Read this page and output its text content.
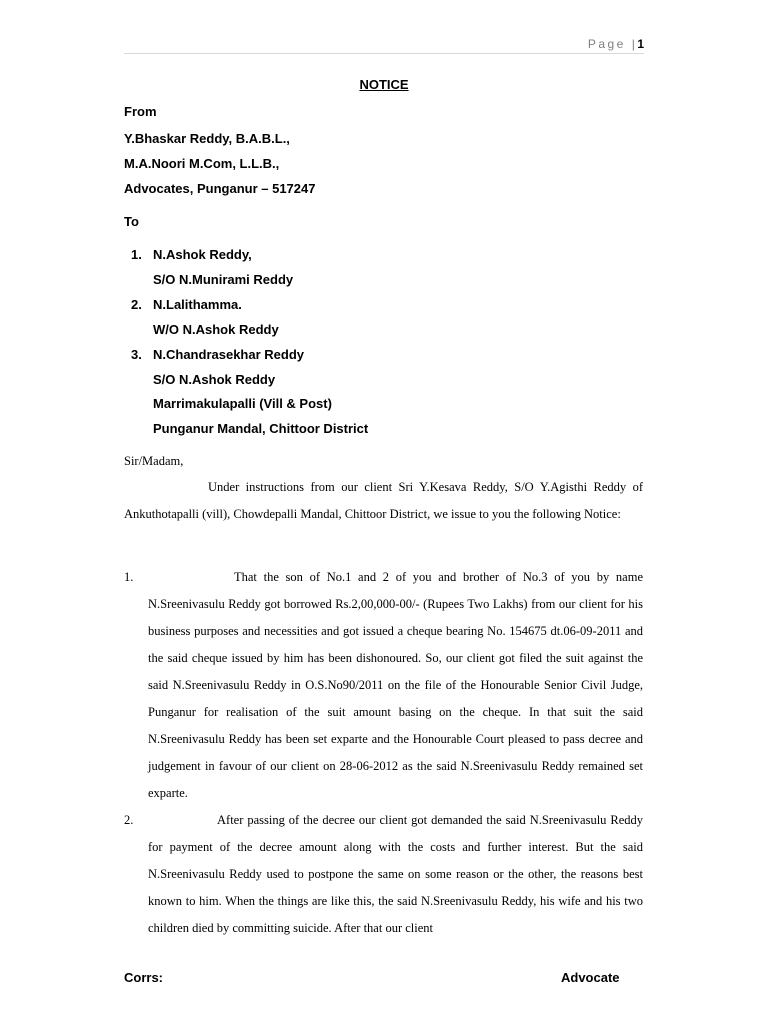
Page |1
NOTICE
From
Y.Bhaskar Reddy, B.A.B.L.,
M.A.Noori M.Com, L.L.B.,
Advocates, Punganur – 517247
To
1. N.Ashok Reddy,
S/O N.Munirami Reddy
2. N.Lalithamma.
W/O N.Ashok Reddy
3. N.Chandrasekhar Reddy
S/O N.Ashok Reddy
Marrimakulapalli (Vill & Post)
Punganur Mandal, Chittoor District
Sir/Madam,

Under instructions from our client Sri Y.Kesava Reddy, S/O Y.Agisthi Reddy of Ankuthotapalli (vill), Chowdepalli Mandal, Chittoor District, we issue to you the following Notice:

1.	That the son of No.1 and 2 of you and brother of No.3 of you by name N.Sreenivasulu Reddy got borrowed Rs.2,00,000-00/- (Rupees Two Lakhs) from our client for his business purposes and necessities and got issued a cheque bearing No. 154675 dt.06-09-2011 and the said cheque issued by him has been dishonoured. So, our client got filed the suit against the said N.Sreenivasulu Reddy in O.S.No90/2011 on the file of the Honourable Senior Civil Judge, Punganur for realisation of the suit amount basing on the cheque. In that suit the said N.Sreenivasulu Reddy has been set exparte and the Honourable Court pleased to pass decree and judgement in favour of our client on 28-06-2012 as the said N.Sreenivasulu Reddy remained set exparte.

2.	After passing of the decree our client got demanded the said N.Sreenivasulu Reddy for payment of the decree amount along with the costs and further interest. But the said N.Sreenivasulu Reddy used to postpone the same on some reason or the other, the reasons best known to him. When the things are like this, the said N.Sreenivasulu Reddy, his wife and his two children died by committing suicide. After that our client

Corrs:	Advocate
